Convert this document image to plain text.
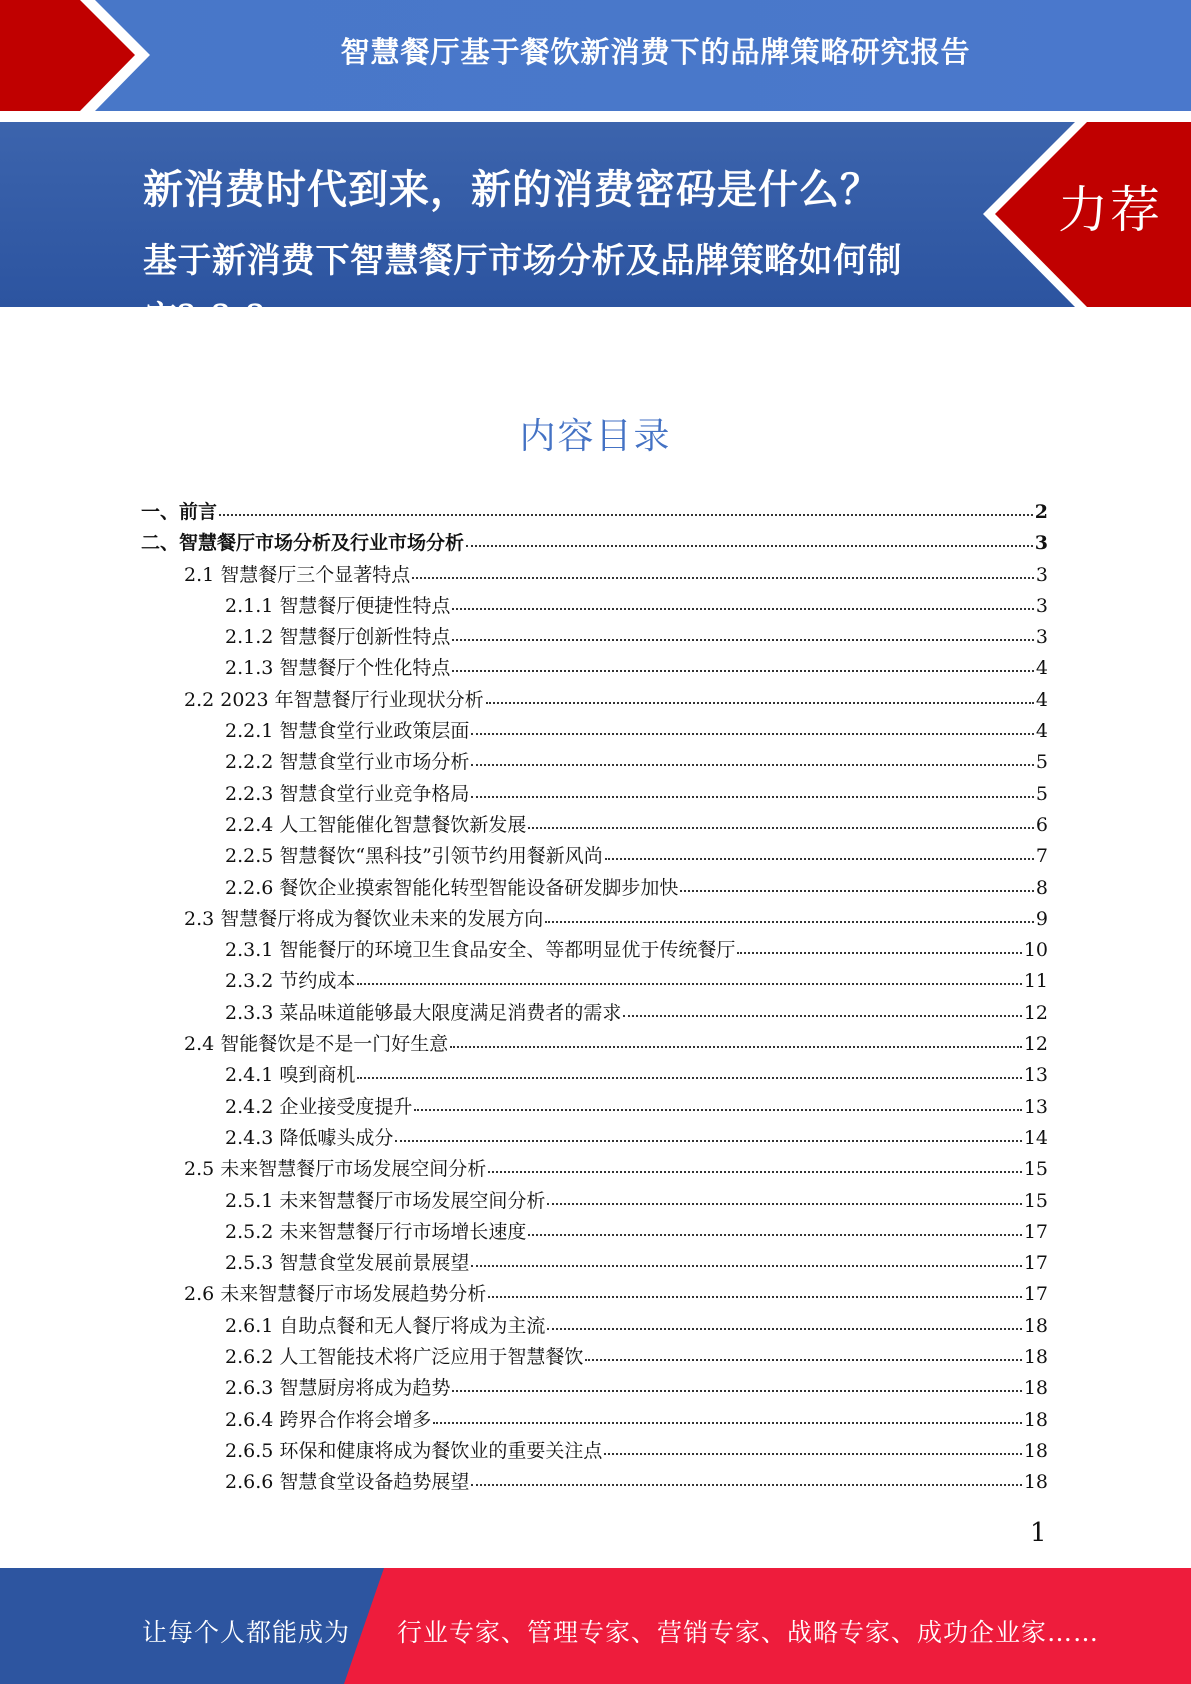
智慧餐厅基于餐饮新消费下的品牌策略研究报告
新消费时代到来，新的消费密码是什么？
基于新消费下智慧餐厅市场分析及品牌策略如何制定？？？
力荐
内容目录
一、前言	2
二、智慧餐厅市场分析及行业市场分析	3
2.1 智慧餐厅三个显著特点	3
2.1.1 智慧餐厅便捷性特点	3
2.1.2 智慧餐厅创新性特点	3
2.1.3 智慧餐厅个性化特点	4
2.2 2023 年智慧餐厅行业现状分析	4
2.2.1 智慧食堂行业政策层面	4
2.2.2 智慧食堂行业市场分析	5
2.2.3 智慧食堂行业竞争格局	5
2.2.4 人工智能催化智慧餐饮新发展	6
2.2.5 智慧餐饮“黑科技”引领节约用餐新风尚	7
2.2.6 餐饮企业摸索智能化转型智能设备研发脚步加快	8
2.3 智慧餐厅将成为餐饮业未来的发展方向	9
2.3.1 智能餐厅的环境卫生食品安全、等都明显优于传统餐厅	10
2.3.2 节约成本	11
2.3.3 菜品味道能够最大限度满足消费者的需求	12
2.4 智能餐饮是不是一门好生意	12
2.4.1 嗅到商机	13
2.4.2 企业接受度提升	13
2.4.3 降低噱头成分	14
2.5 未来智慧餐厅市场发展空间分析	15
2.5.1 未来智慧餐厅市场发展空间分析	15
2.5.2 未来智慧餐厅行市场增长速度	17
2.5.3 智慧食堂发展前景展望	17
2.6 未来智慧餐厅市场发展趋势分析	17
2.6.1 自助点餐和无人餐厅将成为主流	18
2.6.2 人工智能技术将广泛应用于智慧餐饮	18
2.6.3 智慧厨房将成为趋势	18
2.6.4 跨界合作将会增多	18
2.6.5 环保和健康将成为餐饮业的重要关注点	18
2.6.6 智慧食堂设备趋势展望	18
1
让每个人都能成为 行业专家、管理专家、营销专家、战略专家、成功企业家……
